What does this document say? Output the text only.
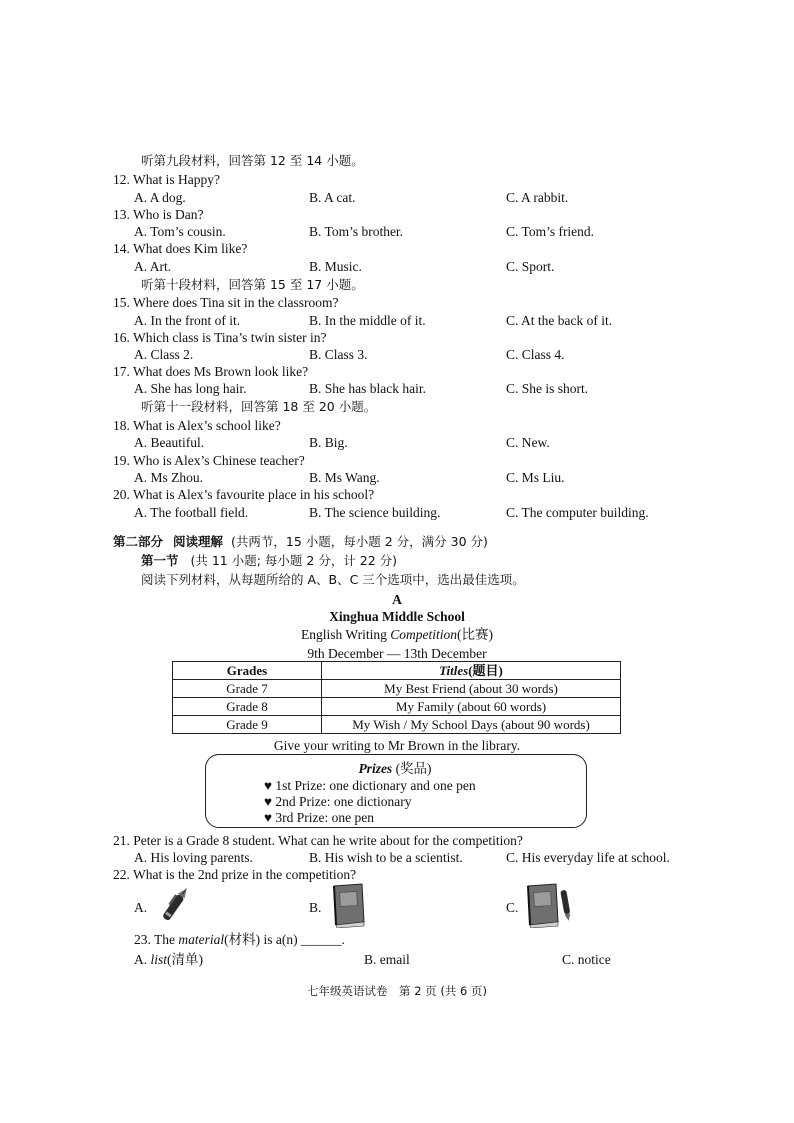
听第九段材料，回答第 12 至 14 小题。
12. What is Happy?
A. A dog.	B. A cat.	C. A rabbit.
13. Who is Dan?
A. Tom’s cousin.	B. Tom’s brother.	C. Tom’s friend.
14. What does Kim like?
A. Art.	B. Music.	C. Sport.
听第十段材料，回答第 15 至 17 小题。
15. Where does Tina sit in the classroom?
A. In the front of it.	B. In the middle of it.	C. At the back of it.
16. Which class is Tina’s twin sister in?
A. Class 2.	B. Class 3.	C. Class 4.
17. What does Ms Brown look like?
A. She has long hair.	B. She has black hair.	C. She is short.
听第十一段材料，回答第 18 至 20 小题。
18. What is Alex’s school like?
A. Beautiful.	B. Big.	C. New.
19. Who is Alex’s Chinese teacher?
A. Ms Zhou.	B. Ms Wang.	C. Ms Liu.
20. What is Alex’s favourite place in his school?
A. The football field.	B. The science building.	C. The computer building.
第二部分 阅读理解 (共两节，15 小题，每小题 2 分，满分 30 分)
第一节 (共 11 小题; 每小题 2 分，计 22 分)
阅读下列材料，从每题所给的 A、B、C 三个选项中，选出最佳选项。
A
Xinghua Middle School
English Writing Competition(比赛)
9th December — 13th December
Grades	Titles(题目)
Grade 7	My Best Friend (about 30 words)
Grade 8	My Family (about 60 words)
Grade 9	My Wish / My School Days (about 90 words)
Give your writing to Mr Brown in the library.
Prizes (奖品)
♥ 1st Prize: one dictionary and one pen
♥ 2nd Prize: one dictionary
♥ 3rd Prize: one pen
21. Peter is a Grade 8 student. What can he write about for the competition?
A. His loving parents.	B. His wish to be a scientist.	C. His everyday life at school.
22. What is the 2nd prize in the competition?
A.	B.	C.
23. The material(材料) is a(n) ______.
A. list(清单)	B. email	C. notice
七年级英语试卷　第 2 页 (共 6 页)
